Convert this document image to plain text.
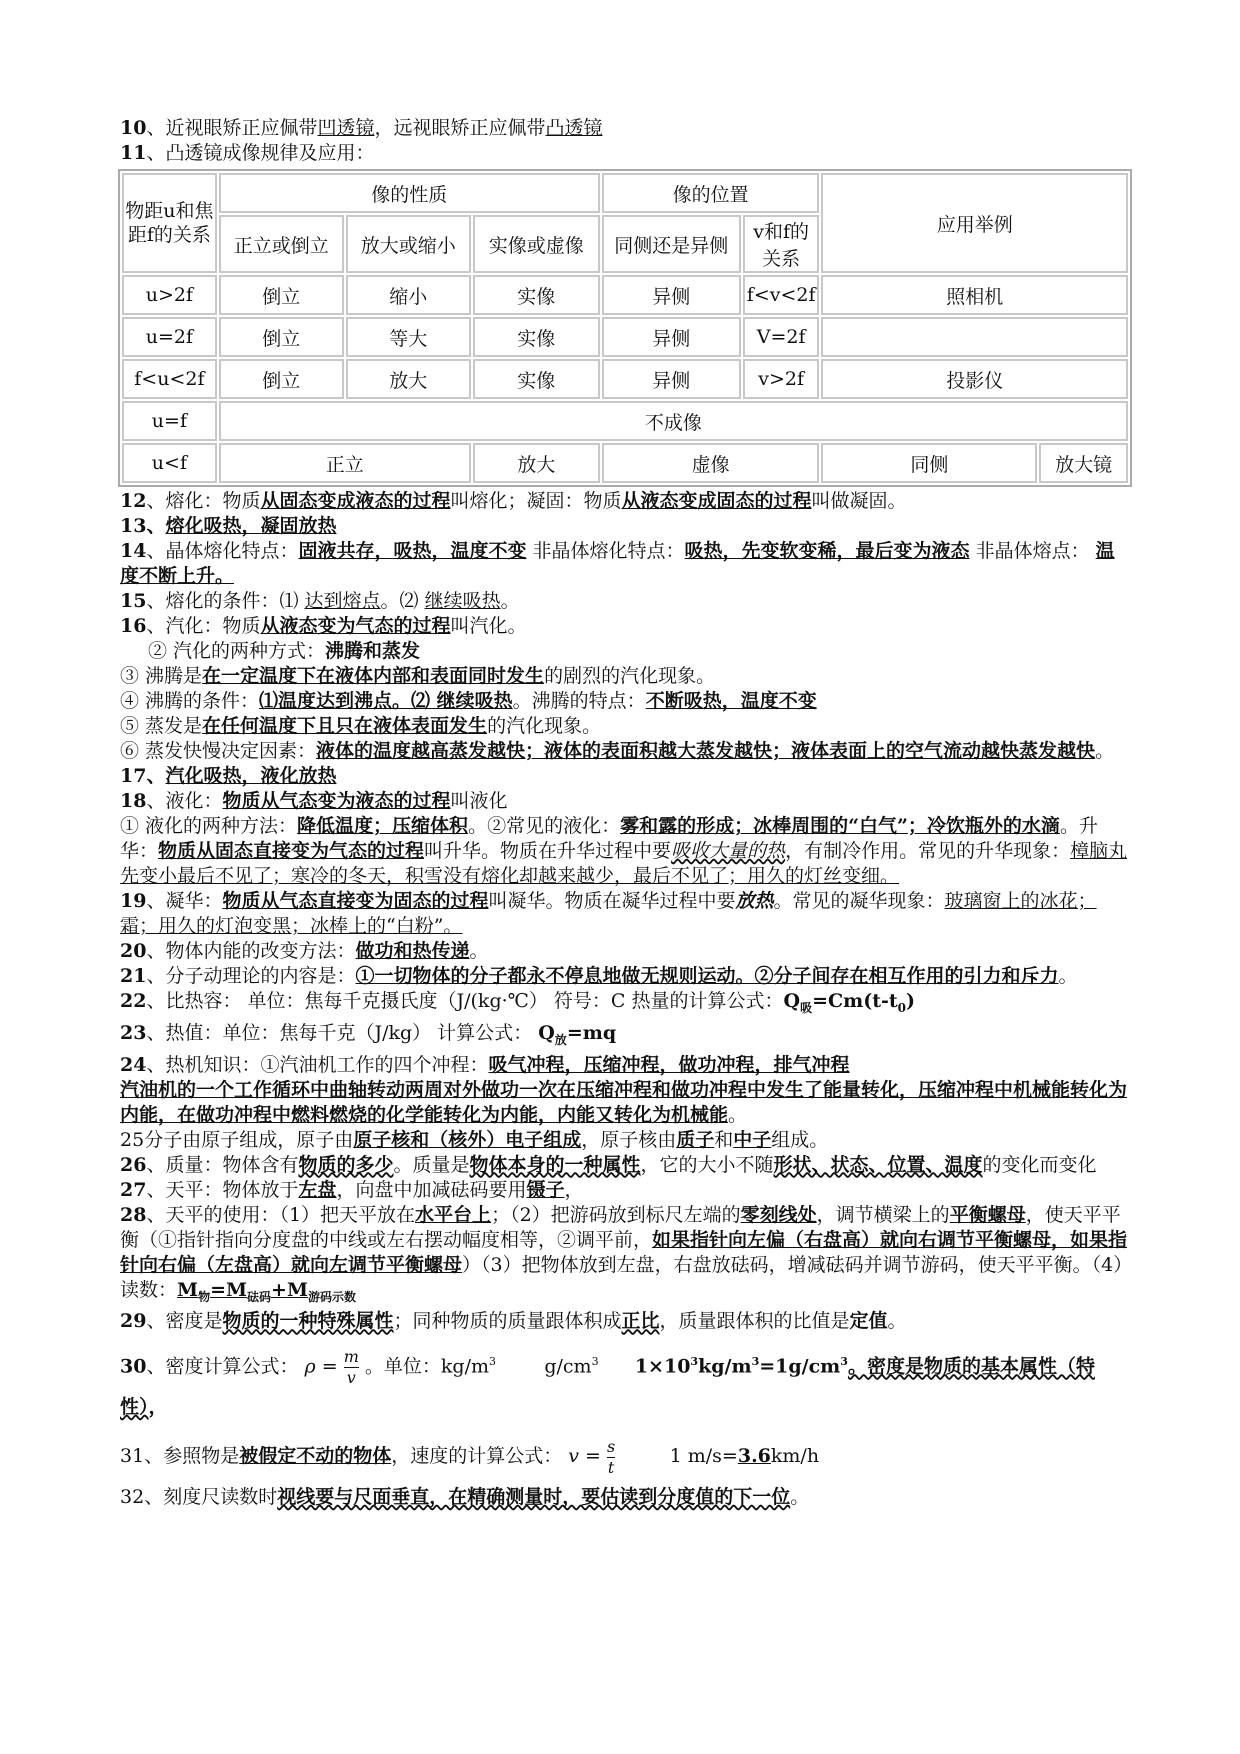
10、近视眼矫正应佩带凹透镜，远视眼矫正应佩带凸透镜
11、凸透镜成像规律及应用：
物距u和焦距f的关系	像的性质			像的位置		应用举例	
	正立或倒立	放大或缩小	实像或虚像	同侧还是异侧	v和f的关系		
u>2f	倒立	缩小	实像	异侧	f<v<2f	照相机	
u=2f	倒立	等大	实像	异侧	V=2f		
f<u<2f	倒立	放大	实像	异侧	v>2f	投影仪	
u=f	不成像						
u<f	正立		放大	虚像		同侧	放大镜
12、熔化：物质从固态变成液态的过程叫熔化；凝固：物质从液态变成固态的过程叫做凝固。
13、熔化吸热，凝固放热
14、晶体熔化特点：固液共存，吸热，温度不变 非晶体熔化特点：吸热，先变软变稀，最后变为液态 非晶体熔点： 温度不断上升。
15、熔化的条件：⑴ 达到熔点。⑵ 继续吸热。
16、汽化：物质从液态变为气态的过程叫汽化。
② 汽化的两种方式：沸腾和蒸发
③ 沸腾是在一定温度下在液体内部和表面同时发生的剧烈的汽化现象。
④ 沸腾的条件：⑴温度达到沸点。⑵ 继续吸热。沸腾的特点：不断吸热，温度不变
⑤ 蒸发是在任何温度下且只在液体表面发生的汽化现象。
⑥ 蒸发快慢决定因素：液体的温度越高蒸发越快；液体的表面积越大蒸发越快；液体表面上的空气流动越快蒸发越快。
17、汽化吸热，液化放热
18、液化：物质从气态变为液态的过程叫液化
① 液化的两种方法：降低温度；压缩体积。②常见的液化：雾和露的形成；冰棒周围的“白气”；冷饮瓶外的水滴。升华：物质从固态直接变为气态的过程叫升华。物质在升华过程中要吸收大量的热，有制冷作用。常见的升华现象：樟脑丸先变小最后不见了；寒冷的冬天，积雪没有熔化却越来越少，最后不见了；用久的灯丝变细。
19、凝华：物质从气态直接变为固态的过程叫凝华。物质在凝华过程中要放热。常见的凝华现象：玻璃窗上的冰花；霜；用久的灯泡变黑；冰棒上的“白粉”。
20、物体内能的改变方法：做功和热传递。
21、分子动理论的内容是：①一切物体的分子都永不停息地做无规则运动。②分子间存在相互作用的引力和斥力。
22、比热容： 单位：焦每千克摄氏度（J/(kg·℃） 符号：C 热量的计算公式：$Q_吸=Cm(t-t_0)$
23、热值：单位：焦每千克（J/kg） 计算公式： $Q_放=mq$
24、热机知识：①汽油机工作的四个冲程：吸气冲程，压缩冲程，做功冲程，排气冲程
汽油机的一个工作循环中曲轴转动两周对外做功一次在压缩冲程和做功冲程中发生了能量转化，压缩冲程中机械能转化为内能，在做功冲程中燃料燃烧的化学能转化为内能，内能又转化为机械能。
25分子由原子组成，原子由原子核和（核外）电子组成，原子核由质子和中子组成。
26、质量：物体含有物质的多少。质量是物体本身的一种属性，它的大小不随形状、状态、位置、温度的变化而变化
27、天平：物体放于左盘，向盘中加减砝码要用镊子，
28、天平的使用：（1）把天平放在水平台上；（2）把游码放到标尺左端的零刻线处，调节横梁上的平衡螺母，使天平平衡（①指针指向分度盘的中线或左右摆动幅度相等，②调平前，如果指针向左偏（右盘高）就向右调节平衡螺母，如果指针向右偏（左盘高）就向左调节平衡螺母）（3）把物体放到左盘，右盘放砝码，增减砝码并调节游码，使天平平衡。（4）读数：$M_物=M_{砝码}+M_{游码示数}$
29、密度是物质的一种特殊属性；同种物质的质量跟体积成正比，质量跟体积的比值是定值。
30、密度计算公式： $\rho = \frac{m}{v}$ 。单位：$kg/m^3$        $g/cm^3$ $1\times 10^3kg/m^3=1g/cm^3$。密度是物质的基本属性（特性），
31、参照物是被假定不动的物体，速度的计算公式： $v = \frac{s}{t} 1$ m/s=3.6km/h
32、刻度尺读数时视线要与尺面垂直，在精确测量时，要估读到分度值的下一位。
